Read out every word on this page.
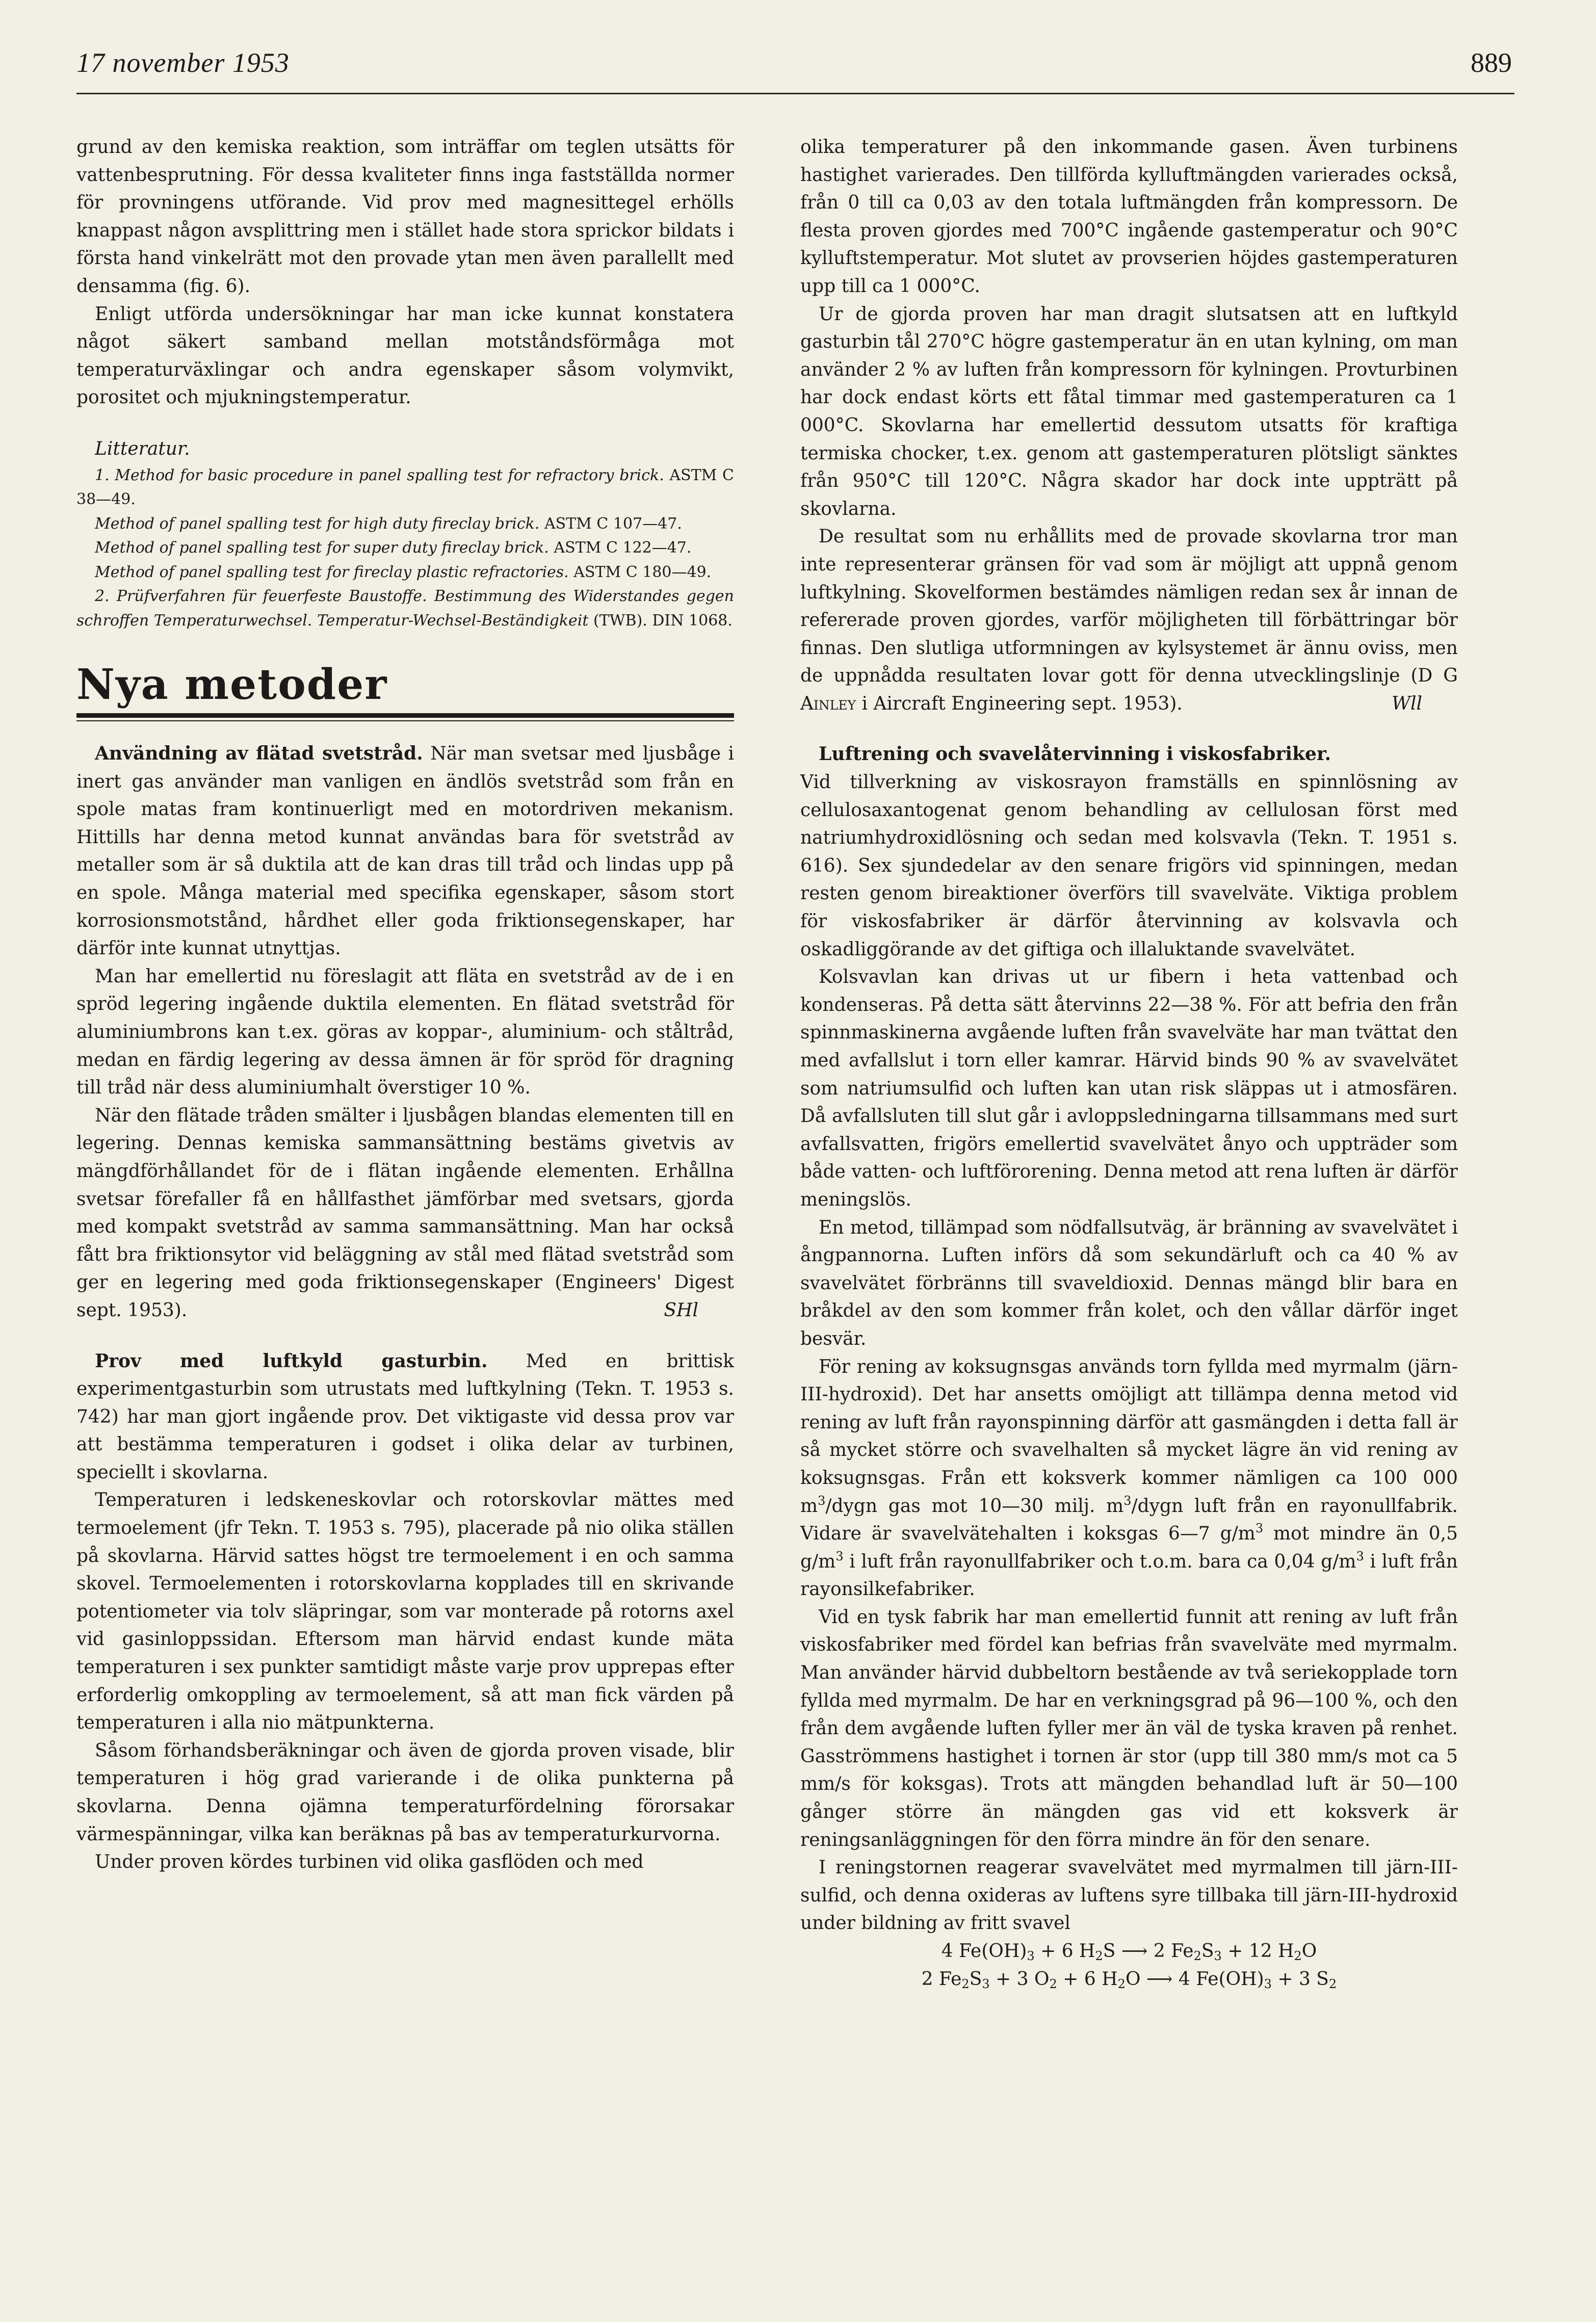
17 november 1953	889

grund av den kemiska reaktion, som inträffar om teglen utsätts för vattenbesprutning. För dessa kvaliteter finns inga fastställda normer för provningens utförande. Vid prov med magnesittegel erhölls knappast någon avsplittring men i stället hade stora sprickor bildats i första hand vinkelrätt mot den provade ytan men även parallellt med densamma (fig. 6).

Enligt utförda undersökningar har man icke kunnat konstatera något säkert samband mellan motståndsförmåga mot temperaturväxlingar och andra egenskaper såsom volymvikt, porositet och mjukningstemperatur.

Litteratur.

1. Method for basic procedure in panel spalling test for refractory brick. ASTM C 38—49.

Method of panel spalling test for high duty fireclay brick. ASTM C 107—47.

Method of panel spalling test for super duty fireclay brick. ASTM C 122—47.

Method of panel spalling test for fireclay plastic refractories. ASTM C 180—49.

2. Prüfverfahren für feuerfeste Baustoffe. Bestimmung des Widerstandes gegen schroffen Temperaturwechsel. Temperatur-Wechsel-Beständigkeit (TWB). DIN 1068.

Nya metoder

Användning av flätad svetstråd. När man svetsar med ljusbåge i inert gas använder man vanligen en ändlös svetstråd som från en spole matas fram kontinuerligt med en motordriven mekanism. Hittills har denna metod kunnat användas bara för svetstråd av metaller som är så duktila att de kan dras till tråd och lindas upp på en spole. Många material med specifika egenskaper, såsom stort korrosionsmotstånd, hårdhet eller goda friktionsegenskaper, har därför inte kunnat utnyttjas.

Man har emellertid nu föreslagit att fläta en svetstråd av de i en spröd legering ingående duktila elementen. En flätad svetstråd för aluminiumbrons kan t.ex. göras av koppar-, aluminium- och ståltråd, medan en färdig legering av dessa ämnen är för spröd för dragning till tråd när dess aluminiumhalt överstiger 10 %.

När den flätade tråden smälter i ljusbågen blandas elementen till en legering. Dennas kemiska sammansättning bestäms givetvis av mängdförhållandet för de i flätan ingående elementen. Erhållna svetsar förefaller få en hållfasthet jämförbar med svetsars, gjorda med kompakt svetstråd av samma sammansättning. Man har också fått bra friktionsytor vid beläggning av stål med flätad svetstråd som ger en legering med goda friktionsegenskaper (Engineers' Digest sept. 1953).	SHl

Prov med luftkyld gasturbin. Med en brittisk experimentgasturbin som utrustats med luftkylning (Tekn. T. 1953 s. 742) har man gjort ingående prov. Det viktigaste vid dessa prov var att bestämma temperaturen i godset i olika delar av turbinen, speciellt i skovlarna.

Temperaturen i ledskeneskovlar och rotorskovlar mättes med termoelement (jfr Tekn. T. 1953 s. 795), placerade på nio olika ställen på skovlarna. Härvid sattes högst tre termoelement i en och samma skovel. Termoelementen i rotorskovlarna kopplades till en skrivande potentiometer via tolv släpringar, som var monterade på rotorns axel vid gasinloppssidan. Eftersom man härvid endast kunde mäta temperaturen i sex punkter samtidigt måste varje prov upprepas efter erforderlig omkoppling av termoelement, så att man fick värden på temperaturen i alla nio mätpunkterna.

Såsom förhandsberäkningar och även de gjorda proven visade, blir temperaturen i hög grad varierande i de olika punkterna på skovlarna. Denna ojämna temperaturfördelning förorsakar värmespänningar, vilka kan beräknas på bas av temperaturkurvorna.

Under proven kördes turbinen vid olika gasflöden och med

olika temperaturer på den inkommande gasen. Även turbinens hastighet varierades. Den tillförda kylluftmängden varierades också, från 0 till ca 0,03 av den totala luftmängden från kompressorn. De flesta proven gjordes med 700°C ingående gastemperatur och 90°C kylluftstemperatur. Mot slutet av provserien höjdes gastemperaturen upp till ca 1 000°C.

Ur de gjorda proven har man dragit slutsatsen att en luftkyld gasturbin tål 270°C högre gastemperatur än en utan kylning, om man använder 2 % av luften från kompressorn för kylningen. Provturbinen har dock endast körts ett fåtal timmar med gastemperaturen ca 1 000°C. Skovlarna har emellertid dessutom utsatts för kraftiga termiska chocker, t.ex. genom att gastemperaturen plötsligt sänktes från 950°C till 120°C. Några skador har dock inte uppträtt på skovlarna.

De resultat som nu erhållits med de provade skovlarna tror man inte representerar gränsen för vad som är möjligt att uppnå genom luftkylning. Skovelformen bestämdes nämligen redan sex år innan de refererade proven gjordes, varför möjligheten till förbättringar bör finnas. Den slutliga utformningen av kylsystemet är ännu oviss, men de uppnådda resultaten lovar gott för denna utvecklingslinje (D G Ainley i Aircraft Engineering sept. 1953).	Wll

Luftrening och svavelåtervinning i viskosfabriker.

Vid tillverkning av viskosrayon framställs en spinnlösning av cellulosaxantogenat genom behandling av cellulosan först med natriumhydroxidlösning och sedan med kolsvavla (Tekn. T. 1951 s. 616). Sex sjundedelar av den senare frigörs vid spinningen, medan resten genom bireaktioner överförs till svavelväte. Viktiga problem för viskosfabriker är därför återvinning av kolsvavla och oskadliggörande av det giftiga och illaluktande svavelvätet.

Kolsvavlan kan drivas ut ur fibern i heta vattenbad och kondenseras. På detta sätt återvinns 22—38 %. För att befria den från spinnmaskinerna avgående luften från svavelväte har man tvättat den med avfallslut i torn eller kamrar. Härvid binds 90 % av svavelvätet som natriumsulfid och luften kan utan risk släppas ut i atmosfären. Då avfallsluten till slut går i avloppsledningarna tillsammans med surt avfallsvatten, frigörs emellertid svavelvätet ånyo och uppträder som både vatten- och luftförorening. Denna metod att rena luften är därför meningslös.

En metod, tillämpad som nödfallsutväg, är bränning av svavelvätet i ångpannorna. Luften införs då som sekundärluft och ca 40 % av svavelvätet förbränns till svaveldioxid. Dennas mängd blir bara en bråkdel av den som kommer från kolet, och den vållar därför inget besvär.

För rening av koksugnsgas används torn fyllda med myrmalm (järn-III-hydroxid). Det har ansetts omöjligt att tillämpa denna metod vid rening av luft från rayonspinning därför att gasmängden i detta fall är så mycket större och svavelhalten så mycket lägre än vid rening av koksugnsgas. Från ett koksverk kommer nämligen ca 100 000 $m^3$/dygn gas mot 10—30 milj. $m^3$/dygn luft från en rayonullfabrik. Vidare är svavelvätehalten i koksgas 6—7 $g/m^3$ mot mindre än 0,5 $g/m^3$ i luft från rayonullfabriker och t.o.m. bara ca 0,04 $g/m^3$ i luft från rayonsilkefabriker.

Vid en tysk fabrik har man emellertid funnit att rening av luft från viskosfabriker med fördel kan befrias från svavelväte med myrmalm. Man använder härvid dubbeltorn bestående av två seriekopplade torn fyllda med myrmalm. De har en verkningsgrad på 96—100 %, och den från dem avgående luften fyller mer än väl de tyska kraven på renhet. Gasströmmens hastighet i tornen är stor (upp till 380 mm/s mot ca 5 mm/s för koksgas). Trots att mängden behandlad luft är 50—100 gånger större än mängden gas vid ett koksverk är reningsanläggningen för den förra mindre än för den senare.

I reningstornen reagerar svavelvätet med myrmalmen till järn-III-sulfid, och denna oxideras av luftens syre tillbaka till järn-III-hydroxid under bildning av fritt svavel

4 $Fe(OH)_3 + 6$ $H_2S$ ⟶ 2 $Fe_2S_3 + 12$ $H_2O$

2 $Fe_2S_3 + 3$ $O_2 + 6$ $H_2O$ ⟶ 4 $Fe(OH)_3 + 3$ $S_2$
